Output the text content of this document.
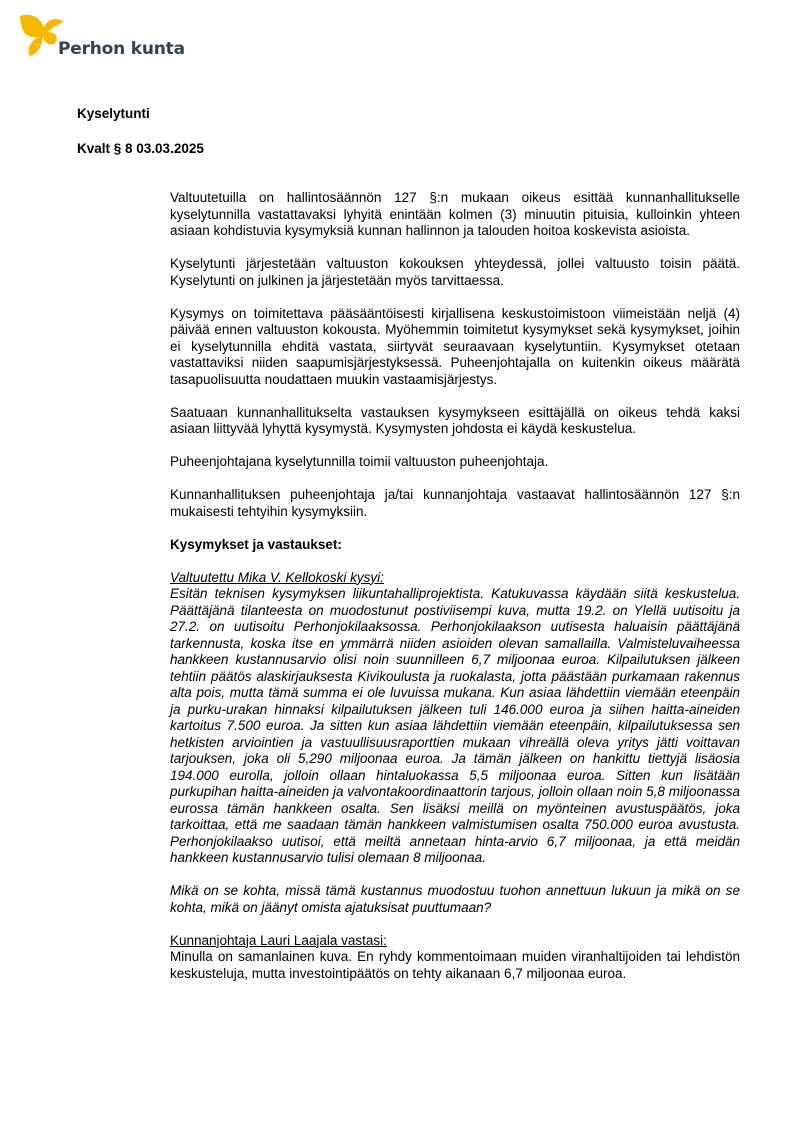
Perhon kunta
Kyselytunti
Kvalt § 8 03.03.2025

Valtuutetuilla on hallintosäännön 127 §:n mukaan oikeus esittää kunnanhallitukselle kyselytunnilla vastattavaksi lyhyitä enintään kolmen (3) minuutin pituisia, kulloinkin yhteen asiaan kohdistuvia kysymyksiä kunnan hallinnon ja talouden hoitoa koskevista asioista.

Kyselytunti järjestetään valtuuston kokouksen yhteydessä, jollei valtuusto toisin päätä. Kyselytunti on julkinen ja järjestetään myös tarvittaessa.

Kysymys on toimitettava pääsääntöisesti kirjallisena keskustoimistoon viimeistään neljä (4) päivää ennen valtuuston kokousta. Myöhemmin toimitetut kysymykset sekä kysymykset, joihin ei kyselytunnilla ehditä vastata, siirtyvät seuraavaan kyselytuntiin. Kysymykset otetaan vastattaviksi niiden saapumisjärjestyksessä. Puheenjohtajalla on kuitenkin oikeus määrätä tasapuolisuutta noudattaen muukin vastaamisjärjestys.

Saatuaan kunnanhallitukselta vastauksen kysymykseen esittäjällä on oikeus tehdä kaksi asiaan liittyvää lyhyttä kysymystä. Kysymysten johdosta ei käydä keskustelua.

Puheenjohtajana kyselytunnilla toimii valtuuston puheenjohtaja.

Kunnanhallituksen puheenjohtaja ja/tai kunnanjohtaja vastaavat hallintosäännön 127 §:n mukaisesti tehtyihin kysymyksiin.

Kysymykset ja vastaukset:
Valtuutettu Mika V. Kellokoski kysyi:
Esitän teknisen kysymyksen liikuntahalliprojektista. Katukuvassa käydään siitä keskustelua. Päättäjänä tilanteesta on muodostunut postiviisempi kuva, mutta 19.2. on Ylellä uutisoitu ja 27.2. on uutisoitu Perhonjokilaaksossa. Perhonjokilaakson uutisesta haluaisin päättäjänä tarkennusta, koska itse en ymmärrä niiden asioiden olevan samallailla. Valmisteluvaiheessa hankkeen kustannusarvio olisi noin suunnilleen 6,7 miljoonaa euroa. Kilpailutuksen jälkeen tehtiin päätös alaskirjauksesta Kivikoulusta ja ruokalasta, jotta päästään purkamaan rakennus alta pois, mutta tämä summa ei ole luvuissa mukana. Kun asiaa lähdettiin viemään eteenpäin ja purku-urakan hinnaksi kilpailutuksen jälkeen tuli 146.000 euroa ja siihen haitta-aineiden kartoitus 7.500 euroa. Ja sitten kun asiaa lähdettiin viemään eteenpäin, kilpailutuksessa sen hetkisten arviointien ja vastuullisuusraporttien mukaan vihreällä oleva yritys jätti voittavan tarjouksen, joka oli 5,290 miljoonaa euroa. Ja tämän jälkeen on hankittu tiettyjä lisäosia 194.000 eurolla, jolloin ollaan hintaluokassa 5,5 miljoonaa euroa. Sitten kun lisätään purkupihan haitta-aineiden ja valvontakoordinaattorin tarjous, jolloin ollaan noin 5,8 miljoonassa eurossa tämän hankkeen osalta. Sen lisäksi meillä on myönteinen avustuspäätös, joka tarkoittaa, että me saadaan tämän hankkeen valmistumisen osalta 750.000 euroa avustusta. Perhonjokilaakso uutisoi, että meiltä annetaan hinta-arvio 6,7 miljoonaa, ja että meidän hankkeen kustannusarvio tulisi olemaan 8 miljoonaa.
Mikä on se kohta, missä tämä kustannus muodostuu tuohon annettuun lukuun ja mikä on se kohta, mikä on jäänyt omista ajatuksisat puuttumaan?
Kunnanjohtaja Lauri Laajala vastasi:
Minulla on samanlainen kuva. En ryhdy kommentoimaan muiden viranhaltijoiden tai lehdistön keskusteluja, mutta investointipäätös on tehty aikanaan 6,7 miljoonaa euroa.
